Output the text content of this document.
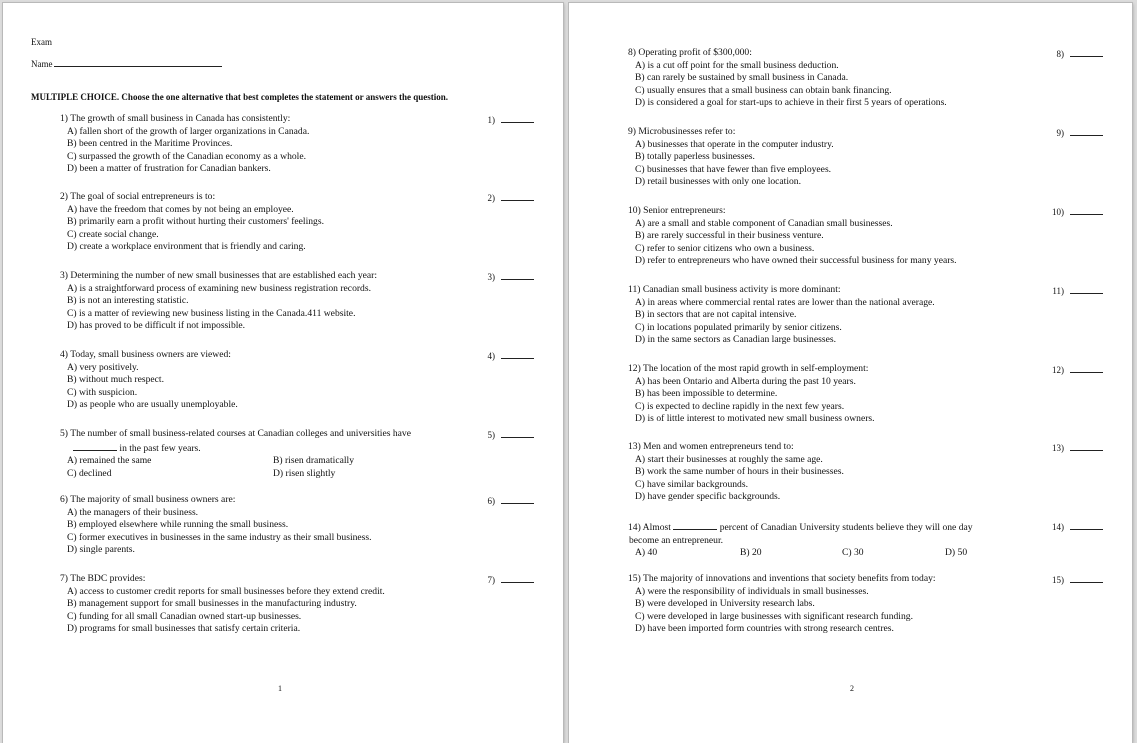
Exam
Name
MULTIPLE CHOICE. Choose the one alternative that best completes the statement or answers the question.
1) The growth of small business in Canada has consistently:
A) fallen short of the growth of larger organizations in Canada.
B) been centred in the Maritime Provinces.
C) surpassed the growth of the Canadian economy as a whole.
D) been a matter of frustration for Canadian bankers.
1)
2) The goal of social entrepreneurs is to:
A) have the freedom that comes by not being an employee.
B) primarily earn a profit without hurting their customers' feelings.
C) create social change.
D) create a workplace environment that is friendly and caring.
2)
3) Determining the number of new small businesses that are established each year:
A) is a straightforward process of examining new business registration records.
B) is not an interesting statistic.
C) is a matter of reviewing new business listing in the Canada.411 website.
D) has proved to be difficult if not impossible.
3)
4) Today, small business owners are viewed:
A) very positively.
B) without much respect.
C) with suspicion.
D) as people who are usually unemployable.
4)
5) The number of small business-related courses at Canadian colleges and universities have
in the past few years.
A) remained the same	B) risen dramatically
C) declined	D) risen slightly
5)
6) The majority of small business owners are:
A) the managers of their business.
B) employed elsewhere while running the small business.
C) former executives in businesses in the same industry as their small business.
D) single parents.
6)
7) The BDC provides:
A) access to customer credit reports for small businesses before they extend credit.
B) management support for small businesses in the manufacturing industry.
C) funding for all small Canadian owned start-up businesses.
D) programs for small businesses that satisfy certain criteria.
7)
1
8) Operating profit of $300,000:
A) is a cut off point for the small business deduction.
B) can rarely be sustained by small business in Canada.
C) usually ensures that a small business can obtain bank financing.
D) is considered a goal for start-ups to achieve in their first 5 years of operations.
8)
9) Microbusinesses refer to:
A) businesses that operate in the computer industry.
B) totally paperless businesses.
C) businesses that have fewer than five employees.
D) retail businesses with only one location.
9)
10) Senior entrepreneurs:
A) are a small and stable component of Canadian small businesses.
B) are rarely successful in their business venture.
C) refer to senior citizens who own a business.
D) refer to entrepreneurs who have owned their successful business for many years.
10)
11) Canadian small business activity is more dominant:
A) in areas where commercial rental rates are lower than the national average.
B) in sectors that are not capital intensive.
C) in locations populated primarily by senior citizens.
D) in the same sectors as Canadian large businesses.
11)
12) The location of the most rapid growth in self-employment:
A) has been Ontario and Alberta during the past 10 years.
B) has been impossible to determine.
C) is expected to decline rapidly in the next few years.
D) is of little interest to motivated new small business owners.
12)
13) Men and women entrepreneurs tend to:
A) start their businesses at roughly the same age.
B) work the same number of hours in their businesses.
C) have similar backgrounds.
D) have gender specific backgrounds.
13)
14) Almost	percent of Canadian University students believe they will one day
become an entrepreneur.
A) 40	B) 20	C) 30	D) 50
14)
15) The majority of innovations and inventions that society benefits from today:
A) were the responsibility of individuals in small businesses.
B) were developed in University research labs.
C) were developed in large businesses with significant research funding.
D) have been imported form countries with strong research centres.
15)
2
